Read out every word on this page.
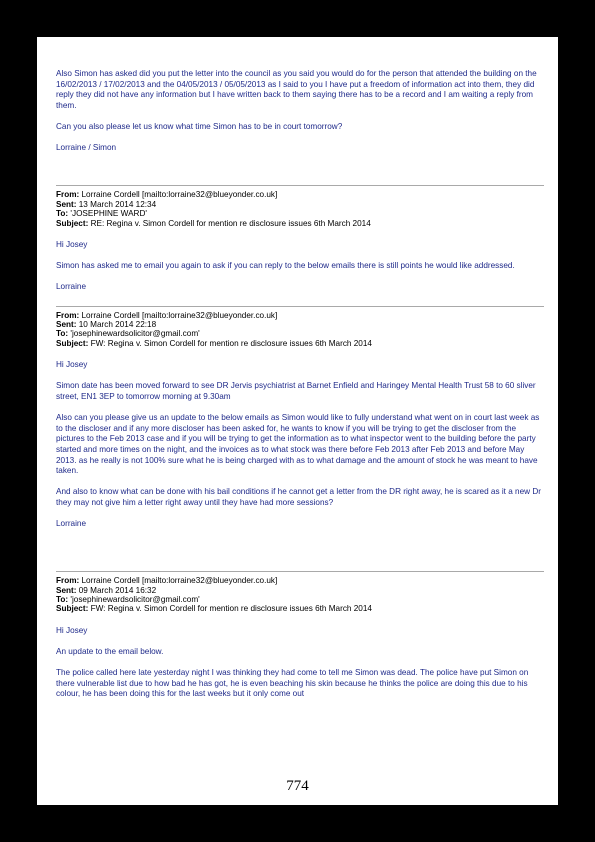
Also Simon has asked did you put the letter into the council as you said you would do for the person that attended the building on the 16/02/2013 / 17/02/2013 and the 04/05/2013 / 05/05/2013 as I said to you I have put a freedom of information act into them, they did reply they did not have any information but I have written back to them saying there has to be a record and I am waiting a reply from them.

Can you also please let us know what time Simon has to be in court tomorrow?

Lorraine / Simon

From: Lorraine Cordell [mailto:lorraine32@blueyonder.co.uk]
Sent: 13 March 2014 12:34
To: 'JOSEPHINE WARD'
Subject: RE: Regina v. Simon Cordell for mention re disclosure issues 6th March 2014

Hi Josey

Simon has asked me to email you again to ask if you can reply to the below emails there is still points he would like addressed.

Lorraine

From: Lorraine Cordell [mailto:lorraine32@blueyonder.co.uk]
Sent: 10 March 2014 22:18
To: 'josephinewardsolicitor@gmail.com'
Subject: FW: Regina v. Simon Cordell for mention re disclosure issues 6th March 2014

Hi Josey

Simon date has been moved forward to see DR Jervis psychiatrist at Barnet Enfield and Haringey Mental Health Trust 58 to 60 sliver street, EN1 3EP to tomorrow morning at 9.30am

Also can you please give us an update to the below emails as Simon would like to fully understand what went on in court last week as to the discloser and if any more discloser has been asked for, he wants to know if you will be trying to get the discloser from the pictures to the Feb 2013 case and if you will be trying to get the information as to what inspector went to the building before the party started and more times on the night, and the invoices as to what stock was there before Feb 2013 after Feb 2013 and before May 2013. as he really is not 100% sure what he is being charged with as to what damage and the amount of stock he was meant to have taken.

And also to know what can be done with his bail conditions if he cannot get a letter from the DR right away, he is scared as it a new Dr they may not give him a letter right away until they have had more sessions?

Lorraine

From: Lorraine Cordell [mailto:lorraine32@blueyonder.co.uk]
Sent: 09 March 2014 16:32
To: 'josephinewardsolicitor@gmail.com'
Subject: FW: Regina v. Simon Cordell for mention re disclosure issues 6th March 2014

Hi Josey

An update to the email below.

The police called here late yesterday night I was thinking they had come to tell me Simon was dead. The police have put Simon on there vulnerable list due to how bad he has got, he is even beaching his skin because he thinks the police are doing this due to his colour, he has been doing this for the last weeks but it only come out

774
